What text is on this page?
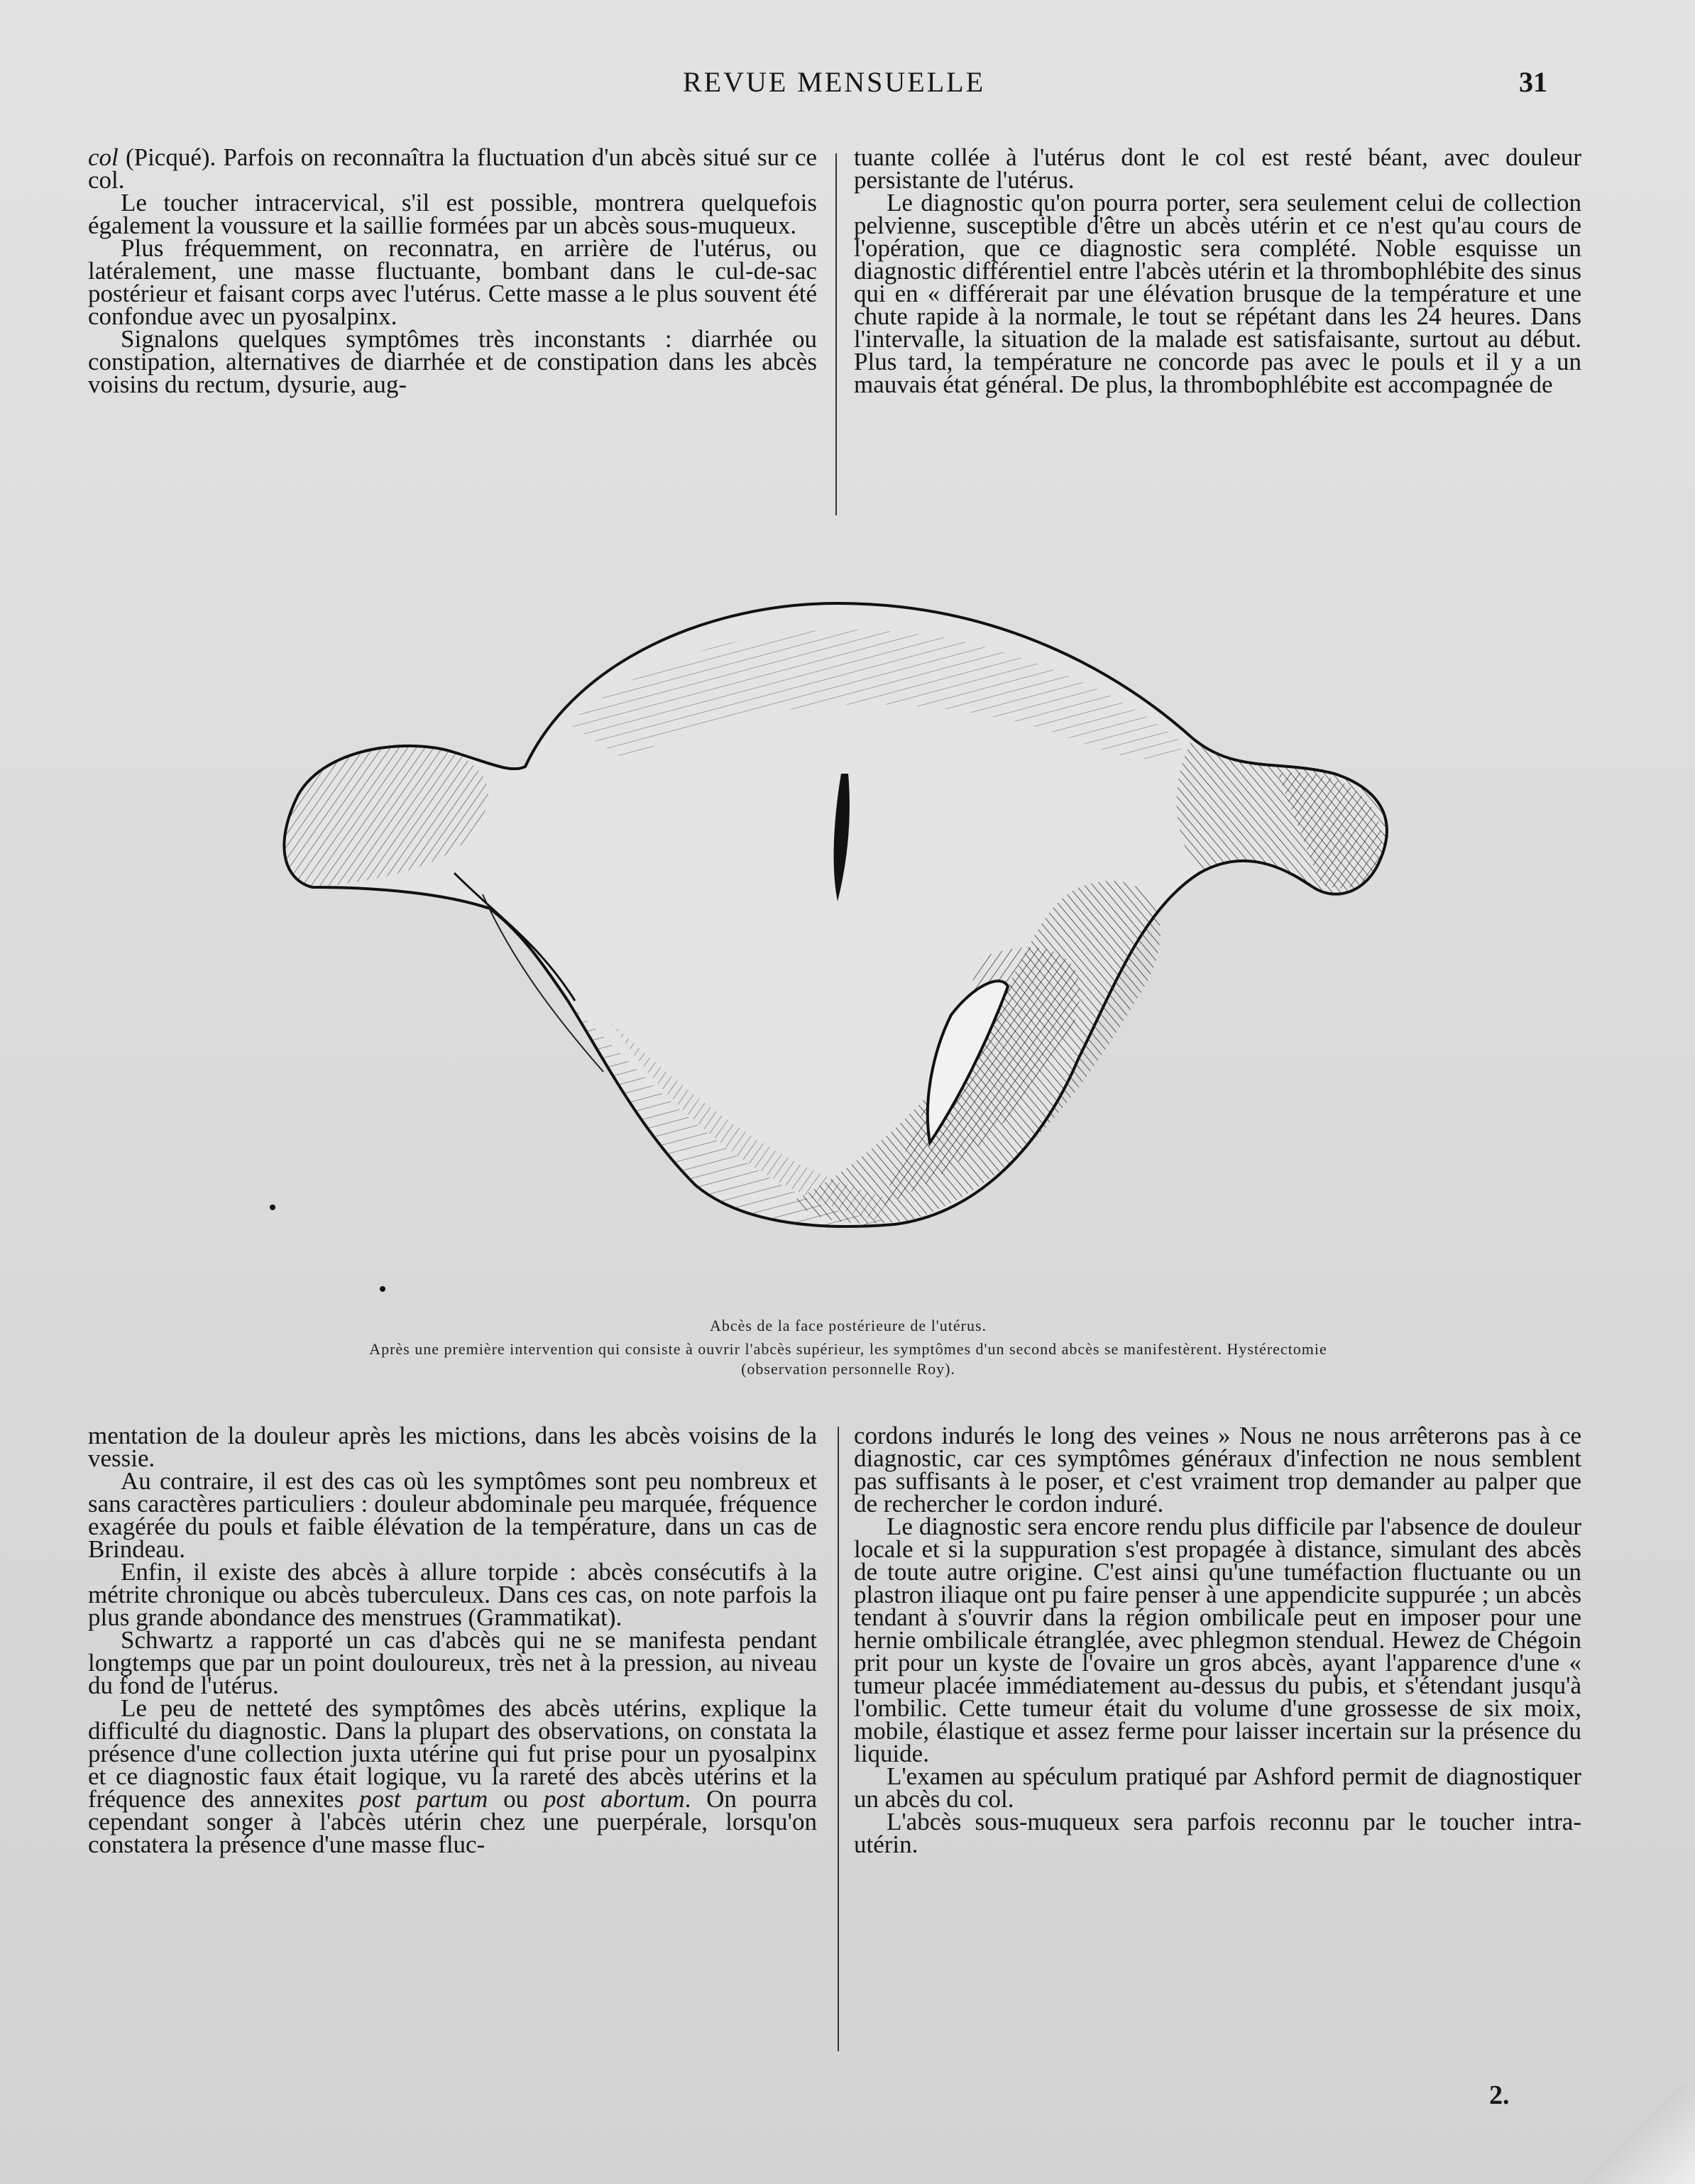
REVUE MENSUELLE	31

col (Picqué). Parfois on reconnaîtra la fluctuation d'un abcès situé sur ce col.

Le toucher intracervical, s'il est possible, montrera quelquefois également la voussure et la saillie formées par un abcès sous-muqueux.

Plus fréquemment, on reconnatra, en arrière de l'utérus, ou latéralement, une masse fluctuante, bombant dans le cul-de-sac postérieur et faisant corps avec l'utérus. Cette masse a le plus souvent été confondue avec un pyosalpinx.

Signalons quelques symptômes très inconstants : diarrhée ou constipation, alternatives de diarrhée et de constipation dans les abcès voisins du rectum, dysurie, aug-

tuante collée à l'utérus dont le col est resté béant, avec douleur persistante de l'utérus.

Le diagnostic qu'on pourra porter, sera seulement celui de collection pelvienne, susceptible d'être un abcès utérin et ce n'est qu'au cours de l'opération, que ce diagnostic sera complété. Noble esquisse un diagnostic différentiel entre l'abcès utérin et la thrombophlébite des sinus qui en « différerait par une élévation brusque de la température et une chute rapide à la normale, le tout se répétant dans les 24 heures. Dans l'intervalle, la situation de la malade est satisfaisante, surtout au début. Plus tard, la température ne concorde pas avec le pouls et il y a un mauvais état général. De plus, la thrombophlébite est accompagnée de

Abcès de la face postérieure de l'utérus.
Après une première intervention qui consiste à ouvrir l'abcès supérieur, les symptômes d'un second abcès se manifestèrent. Hystérectomie
(observation personnelle Roy).

mentation de la douleur après les mictions, dans les abcès voisins de la vessie.

Au contraire, il est des cas où les symptômes sont peu nombreux et sans caractères particuliers : douleur abdominale peu marquée, fréquence exagérée du pouls et faible élévation de la température, dans un cas de Brindeau.

Enfin, il existe des abcès à allure torpide : abcès consécutifs à la métrite chronique ou abcès tuberculeux. Dans ces cas, on note parfois la plus grande abondance des menstrues (Grammatikat).

Schwartz a rapporté un cas d'abcès qui ne se manifesta pendant longtemps que par un point douloureux, très net à la pression, au niveau du fond de l'utérus.

Le peu de netteté des symptômes des abcès utérins, explique la difficulté du diagnostic. Dans la plupart des observations, on constata la présence d'une collection juxta utérine qui fut prise pour un pyosalpinx et ce diagnostic faux était logique, vu la rareté des abcès utérins et la fréquence des annexites post partum ou post abortum. On pourra cependant songer à l'abcès utérin chez une puerpérale, lorsqu'on constatera la présence d'une masse fluc-

cordons indurés le long des veines » Nous ne nous arrêterons pas à ce diagnostic, car ces symptômes généraux d'infection ne nous semblent pas suffisants à le poser, et c'est vraiment trop demander au palper que de rechercher le cordon induré.

Le diagnostic sera encore rendu plus difficile par l'absence de douleur locale et si la suppuration s'est propagée à distance, simulant des abcès de toute autre origine. C'est ainsi qu'une tuméfaction fluctuante ou un plastron iliaque ont pu faire penser à une appendicite suppurée ; un abcès tendant à s'ouvrir dans la région ombilicale peut en imposer pour une hernie ombilicale étranglée, avec phlegmon stendual. Hewez de Chégoin prit pour un kyste de l'ovaire un gros abcès, ayant l'apparence d'une « tumeur placée immédiatement au-dessus du pubis, et s'étendant jusqu'à l'ombilic. Cette tumeur était du volume d'une grossesse de six moix, mobile, élastique et assez ferme pour laisser incertain sur la présence du liquide.

L'examen au spéculum pratiqué par Ashford permit de diagnostiquer un abcès du col.

L'abcès sous-muqueux sera parfois reconnu par le toucher intra-utérin.

2.
